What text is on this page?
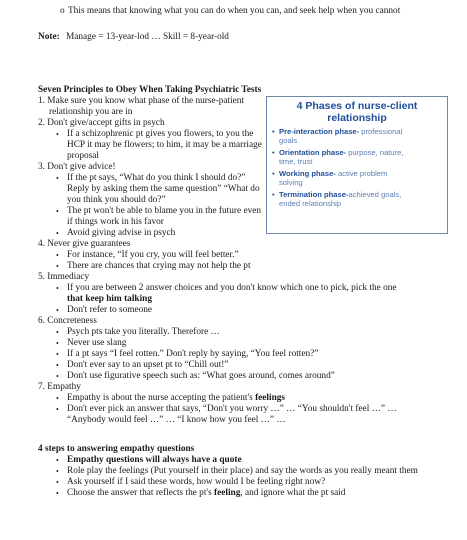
o This means that knowing what you can do when you can, and seek help when you cannot
Note: Manage = 13-year-lod … Skill = 8-year-old
Seven Principles to Obey When Taking Psychiatric Tests
1. Make sure you know what phase of the nurse-patient
relationship you are in
2. Don't give/accept gifts in psych
• If a schizophrenic pt gives you flowers, to you the
HCP it may be flowers; to him, it may be a marriage
proposal
3. Don't give advice!
• If the pt says, “What do you think I should do?”
Reply by asking them the same question” “What do
you think you should do?”
• The pt won't be able to blame you in the future even
if things work in his favor
• Avoid giving advise in psych
4. Never give guarantees
• For instance, “If you cry, you will feel better.”
• There are chances that crying may not help the pt
5. Immediacy
• If you are between 2 answer choices and you don't know which one to pick, pick the one
that keep him talking
• Don't refer to someone
6. Concreteness
• Psych pts take you literally. Therefore …
• Never use slang
• If a pt says “I feel rotten.” Don't reply by saying, “You feel rotten?”
• Don't ever say to an upset pt to “Chill out!”
• Don't use figurative speech such as: “What goes around, comes around”
7. Empathy
• Empathy is about the nurse accepting the patient's feelings
• Don't ever pick an answer that says, “Don't you worry …” … “You shouldn't feel …” …
“Anybody would feel …” … “I know how you feel …” …
4 steps to answering empathy questions
• Empathy questions will always have a quote
• Role play the feelings (Put yourself in their place) and say the words as you really meant them
• Ask yourself if I said these words, how would I be feeling right now?
• Choose the answer that reflects the pt's feeling, and ignore what the pt said
4 Phases of nurse-client
relationship
• Pre-interaction phase- professional
goals
• Orientation phase- purpose, nature,
time, trust
• Working phase- active problem
solving
• Termination phase-achieved goals,
ended relationship
